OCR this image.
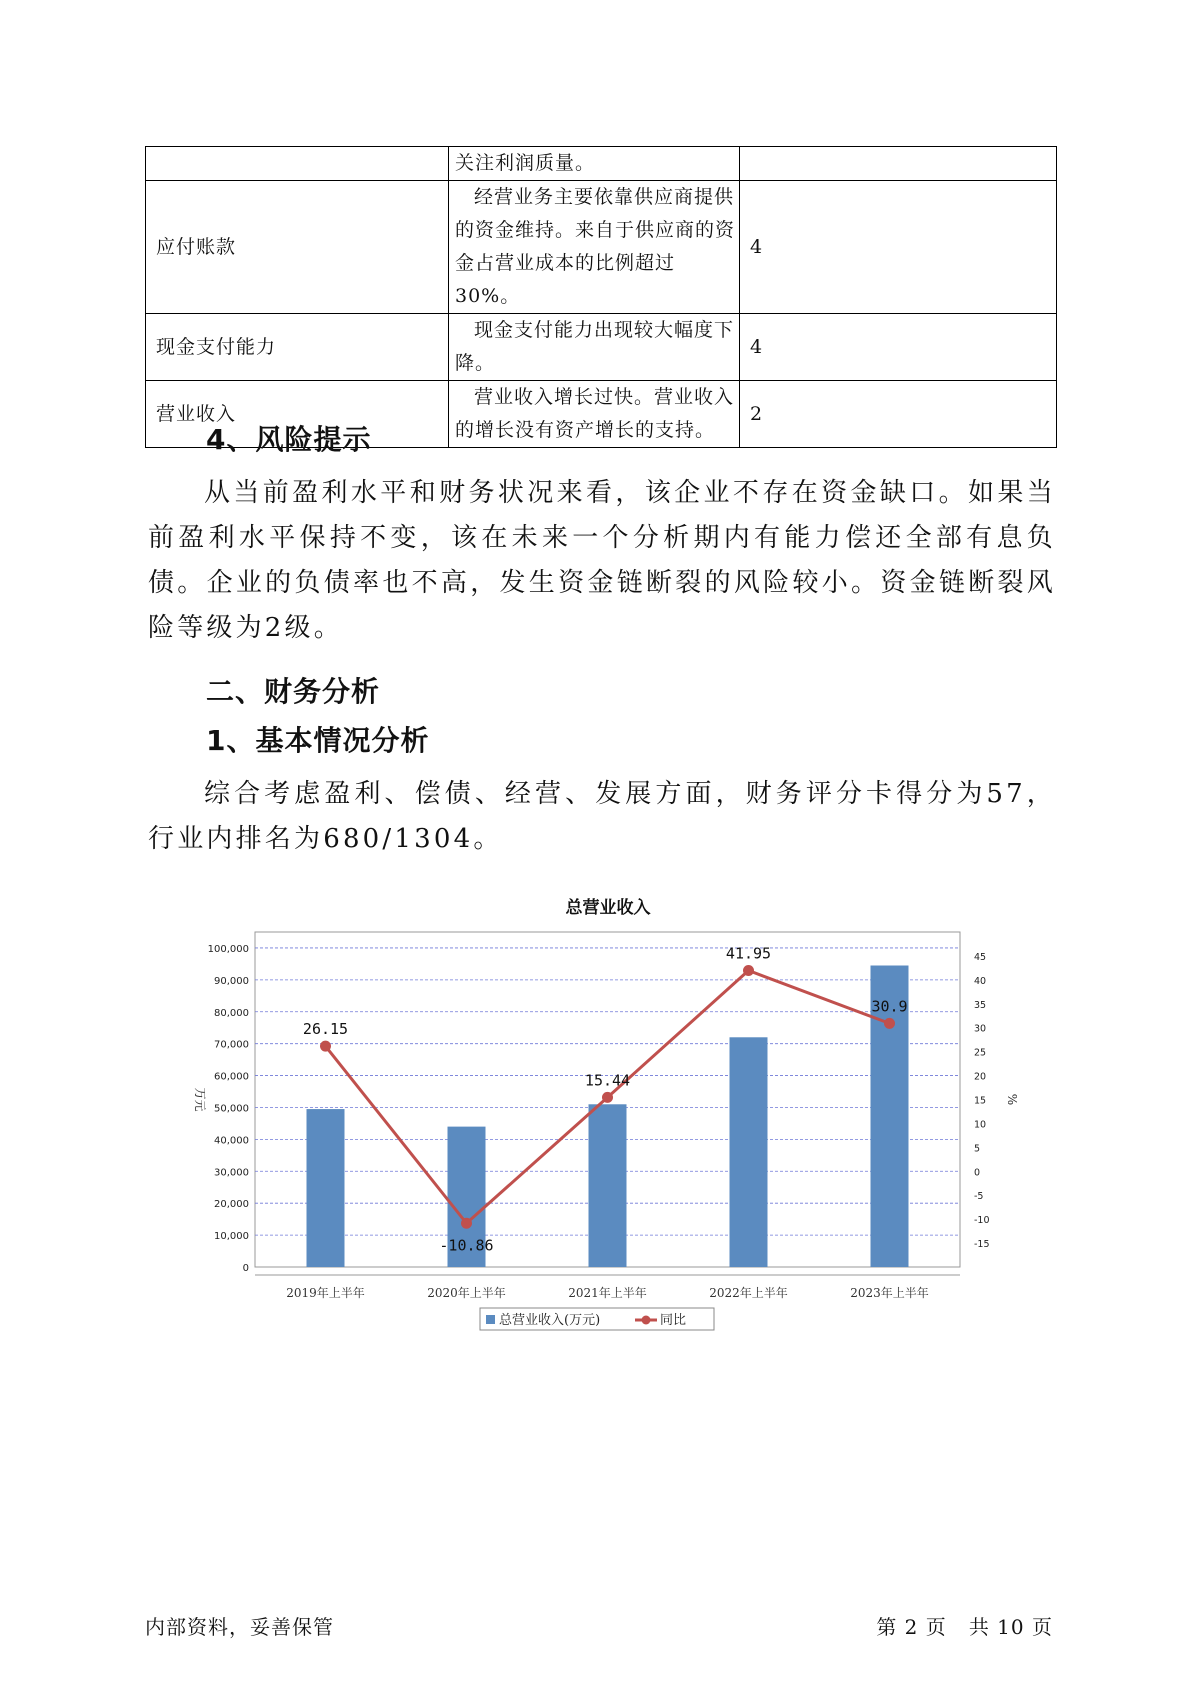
	关注利润质量。	
应付账款	经营业务主要依靠供应商提供的资金维持。来自于供应商的资金占营业成本的比例超过30%。	4
现金支付能力	现金支付能力出现较大幅度下降。	4
营业收入	营业收入增长过快。营业收入的增长没有资产增长的支持。	2
4、风险提示

从当前盈利水平和财务状况来看，该企业不存在资金缺口。如果当前盈利水平保持不变，该在未来一个分析期内有能力偿还全部有息负债。企业的负债率也不高，发生资金链断裂的风险较小。资金链断裂风险等级为2级。

二、财务分析
1、基本情况分析

综合考虑盈利、偿债、经营、发展方面，财务评分卡得分为57，行业内排名为680/1304。

总营业收入
0
10,000
20,000
30,000
40,000
50,000
60,000
70,000
80,000
90,000
100,000
-15
-10
-5
0
5
10
15
20
25
30
35
40
45
万元	%
2019年上半年	2020年上半年	2021年上半年	2022年上半年	2023年上半年
26.15
-10.86
15.44
41.95
30.9
总营业收入(万元)	同比
内部资料，妥善保管	第 2 页   共 10 页
